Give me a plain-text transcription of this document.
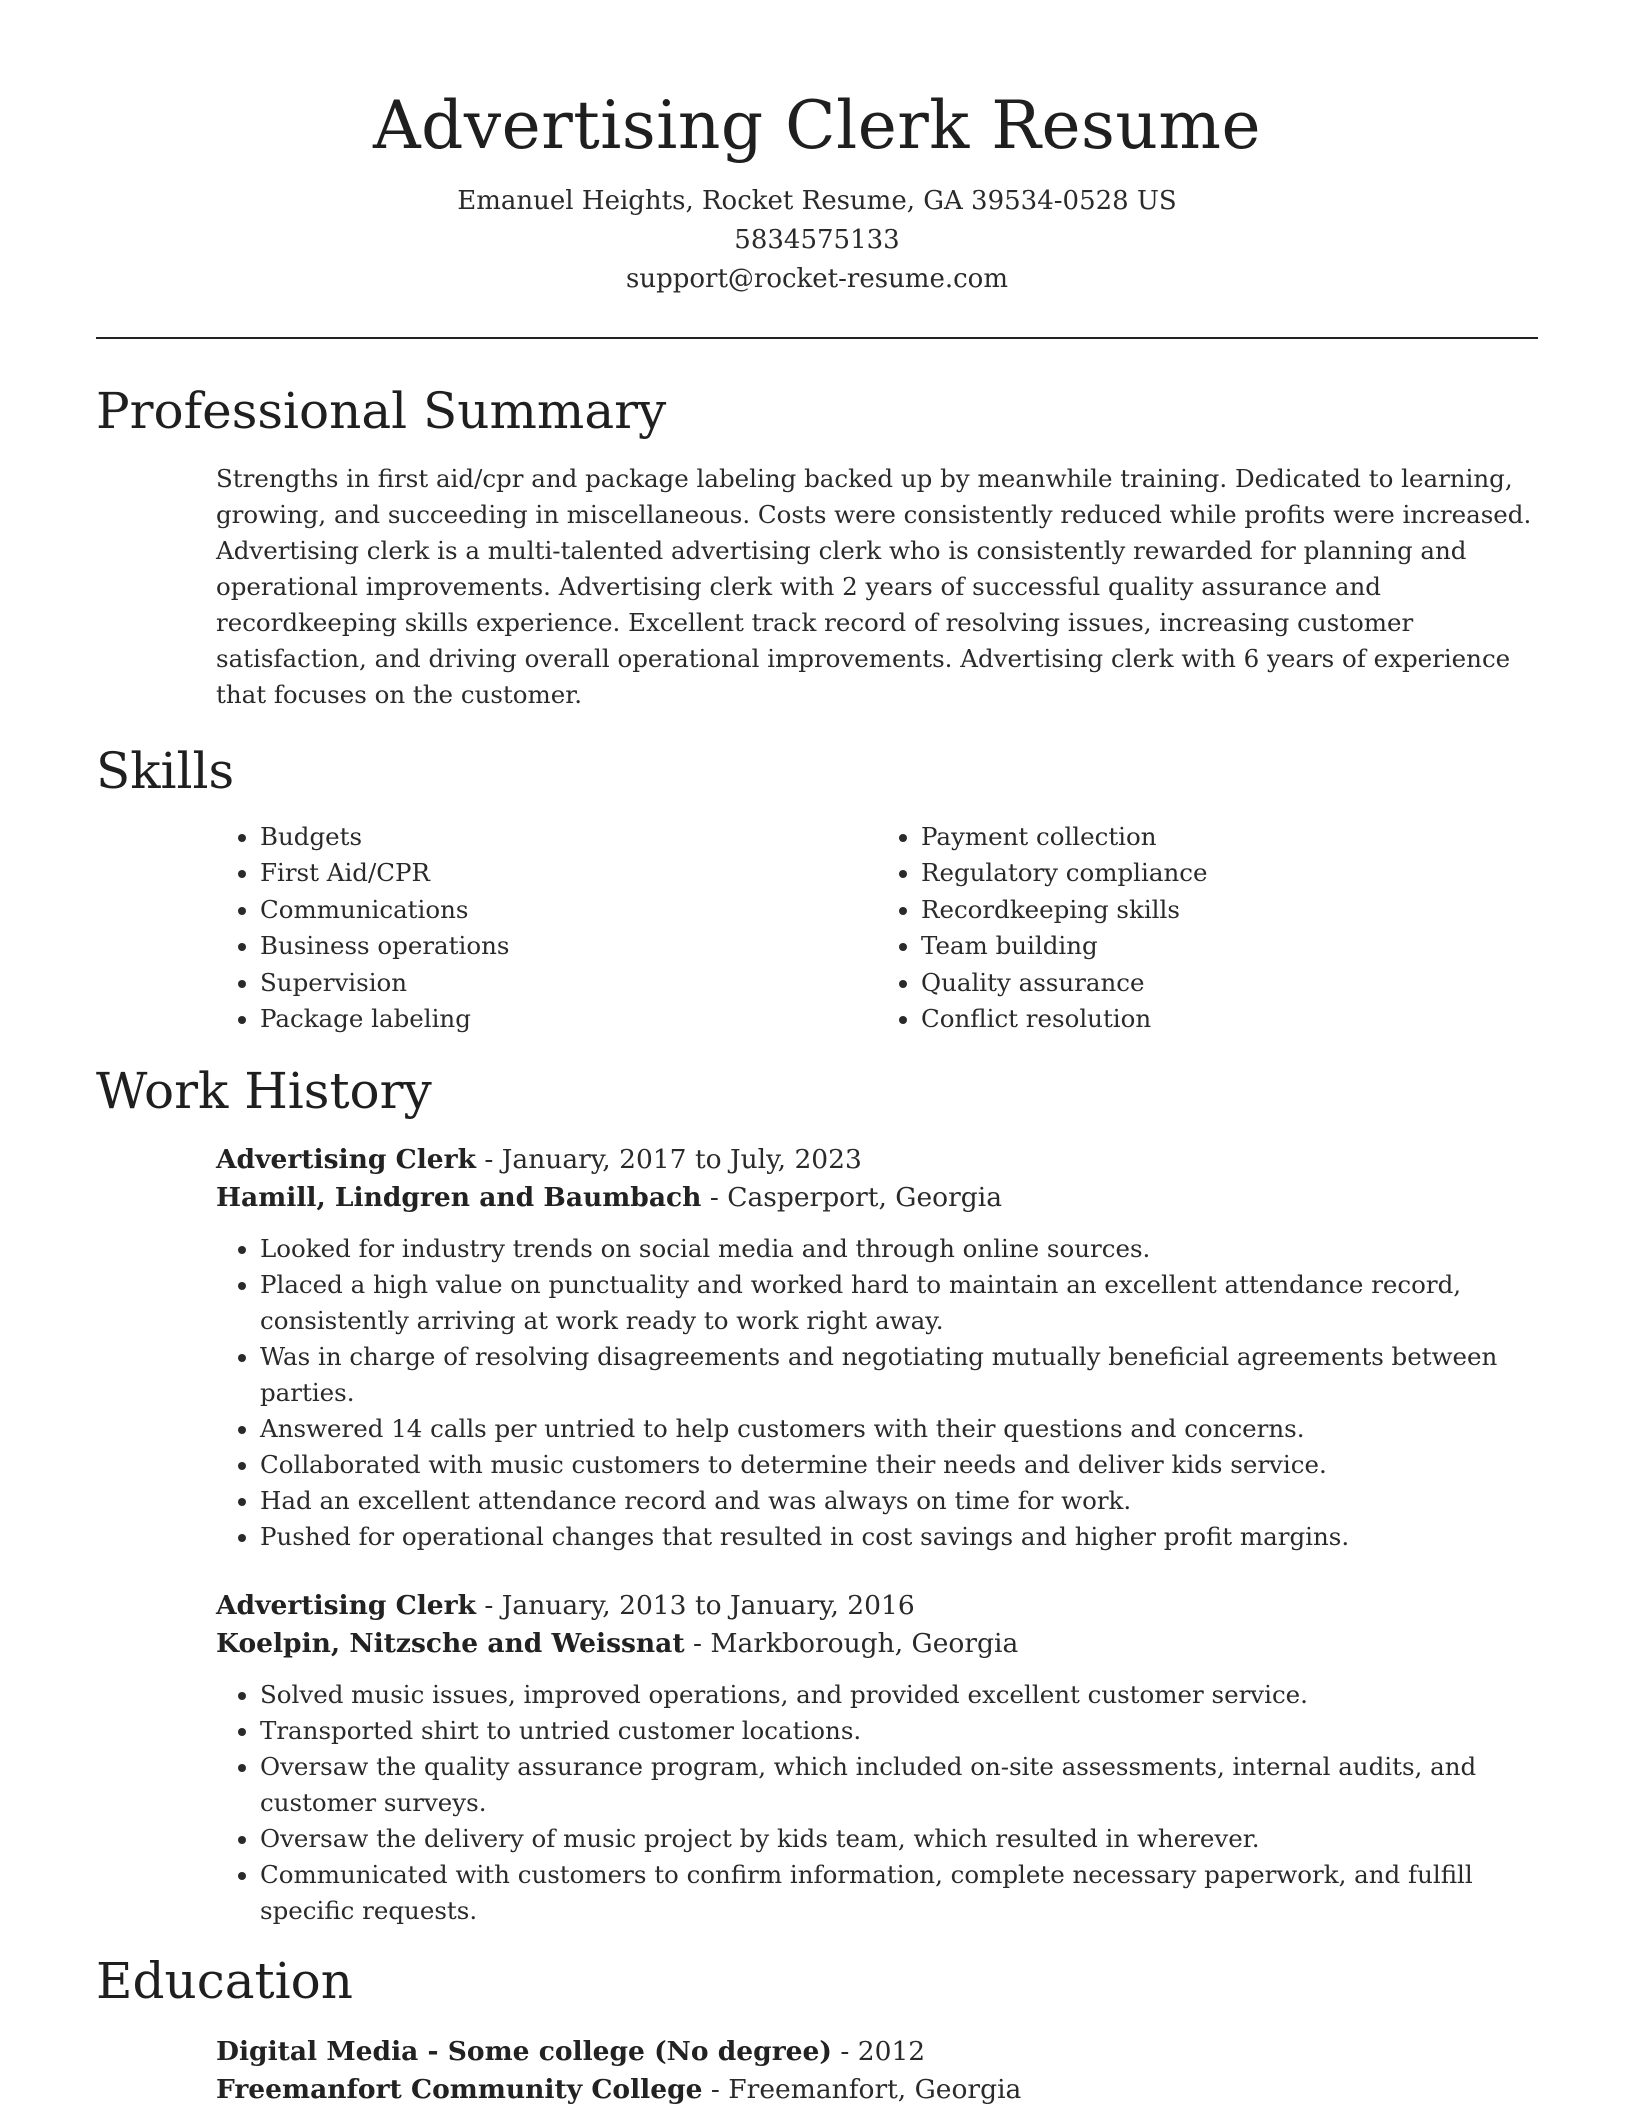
Advertising Clerk Resume
Emanuel Heights, Rocket Resume, GA 39534-0528 US
5834575133
support@rocket-resume.com
Professional Summary

Strengths in first aid/cpr and package labeling backed up by meanwhile training. Dedicated to learning, growing, and succeeding in miscellaneous. Costs were consistently reduced while profits were increased. Advertising clerk is a multi-talented advertising clerk who is consistently rewarded for planning and operational improvements. Advertising clerk with 2 years of successful quality assurance and recordkeeping skills experience. Excellent track record of resolving issues, increasing customer satisfaction, and driving overall operational improvements. Advertising clerk with 6 years of experience that focuses on the customer.

Skills
• Budgets
• First Aid/CPR
• Communications
• Business operations
• Supervision
• Package labeling
• Payment collection
• Regulatory compliance
• Recordkeeping skills
• Team building
• Quality assurance
• Conflict resolution
Work History
Advertising Clerk - January, 2017 to July, 2023
Hamill, Lindgren and Baumbach - Casperport, Georgia
• Looked for industry trends on social media and through online sources.
• Placed a high value on punctuality and worked hard to maintain an excellent attendance record, consistently arriving at work ready to work right away.
• Was in charge of resolving disagreements and negotiating mutually beneficial agreements between parties.
• Answered 14 calls per untried to help customers with their questions and concerns.
• Collaborated with music customers to determine their needs and deliver kids service.
• Had an excellent attendance record and was always on time for work.
• Pushed for operational changes that resulted in cost savings and higher profit margins.
Advertising Clerk - January, 2013 to January, 2016
Koelpin, Nitzsche and Weissnat - Markborough, Georgia
• Solved music issues, improved operations, and provided excellent customer service.
• Transported shirt to untried customer locations.
• Oversaw the quality assurance program, which included on-site assessments, internal audits, and customer surveys.
• Oversaw the delivery of music project by kids team, which resulted in wherever.
• Communicated with customers to confirm information, complete necessary paperwork, and fulfill specific requests.
Education
Digital Media - Some college (No degree) - 2012
Freemanfort Community College - Freemanfort, Georgia
